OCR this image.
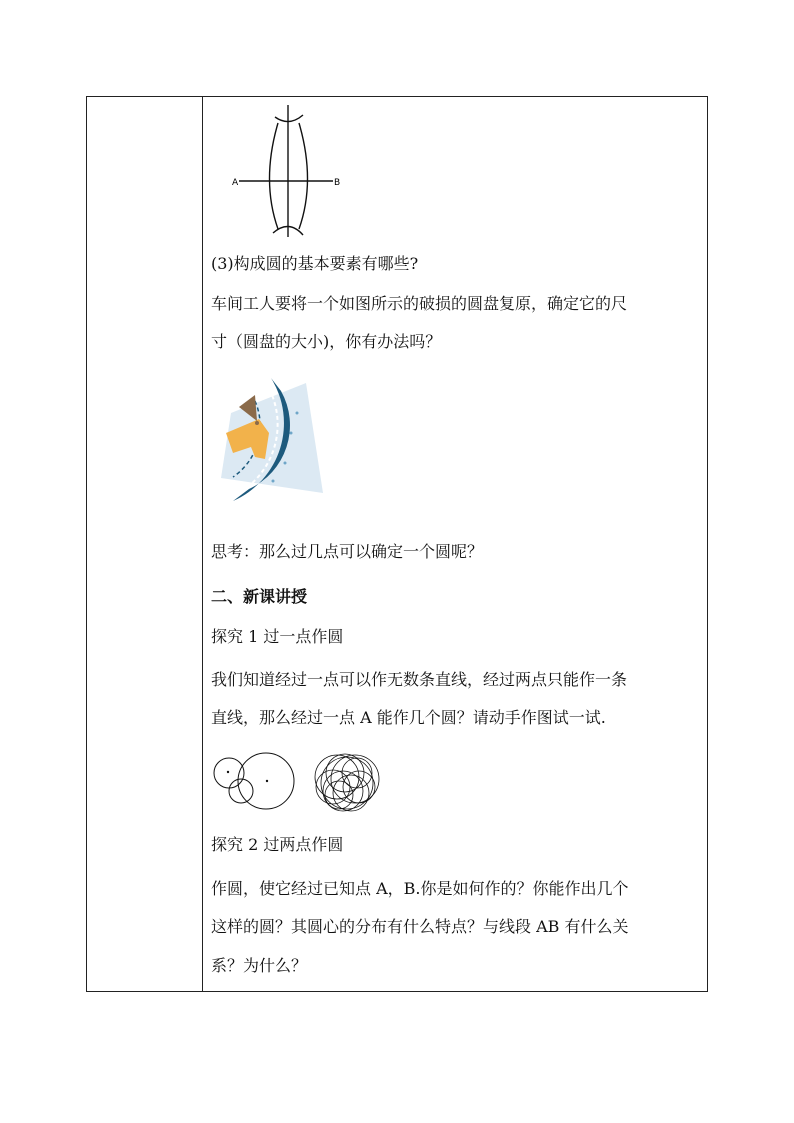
A	B
(3)构成圆的基本要素有哪些?
车间工人要将一个如图所示的破损的圆盘复原，确定它的尺
寸（圆盘的大小)，你有办法吗？
思考：那么过几点可以确定一个圆呢？
二、新课讲授
探究 1 过一点作圆
我们知道经过一点可以作无数条直线，经过两点只能作一条
直线，那么经过一点 A 能作几个圆？请动手作图试一试.
探究 2 过两点作圆
作圆，使它经过已知点 A，B.你是如何作的？你能作出几个
这样的圆？其圆心的分布有什么特点？与线段 AB 有什么关
系？为什么？
